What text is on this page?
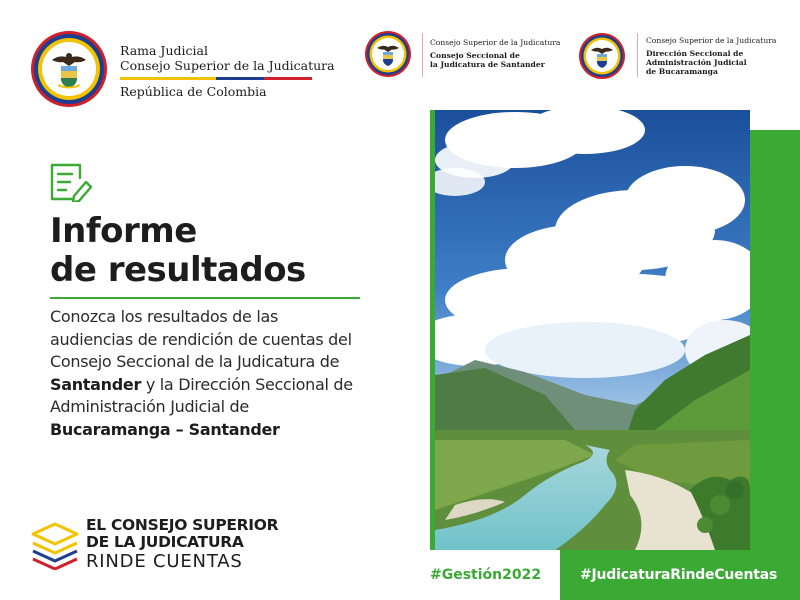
Rama Judicial
Consejo Superior de la Judicatura
República de Colombia
Consejo Superior de la Judicatura
Consejo Seccional de
la Judicatura de Santander
Consejo Superior de la Judicatura
Dirección Seccional de
Administración Judicial
de Bucaramanga
Informe
de resultados

Conozca los resultados de las audiencias de rendición de cuentas del Consejo Seccional de la Judicatura de Santander y la Dirección Seccional de Administración Judicial de Bucaramanga – Santander

EL CONSEJO SUPERIOR
DE LA JUDICATURA
RINDE CUENTAS
#Gestión2022	#JudicaturaRindeCuentas
